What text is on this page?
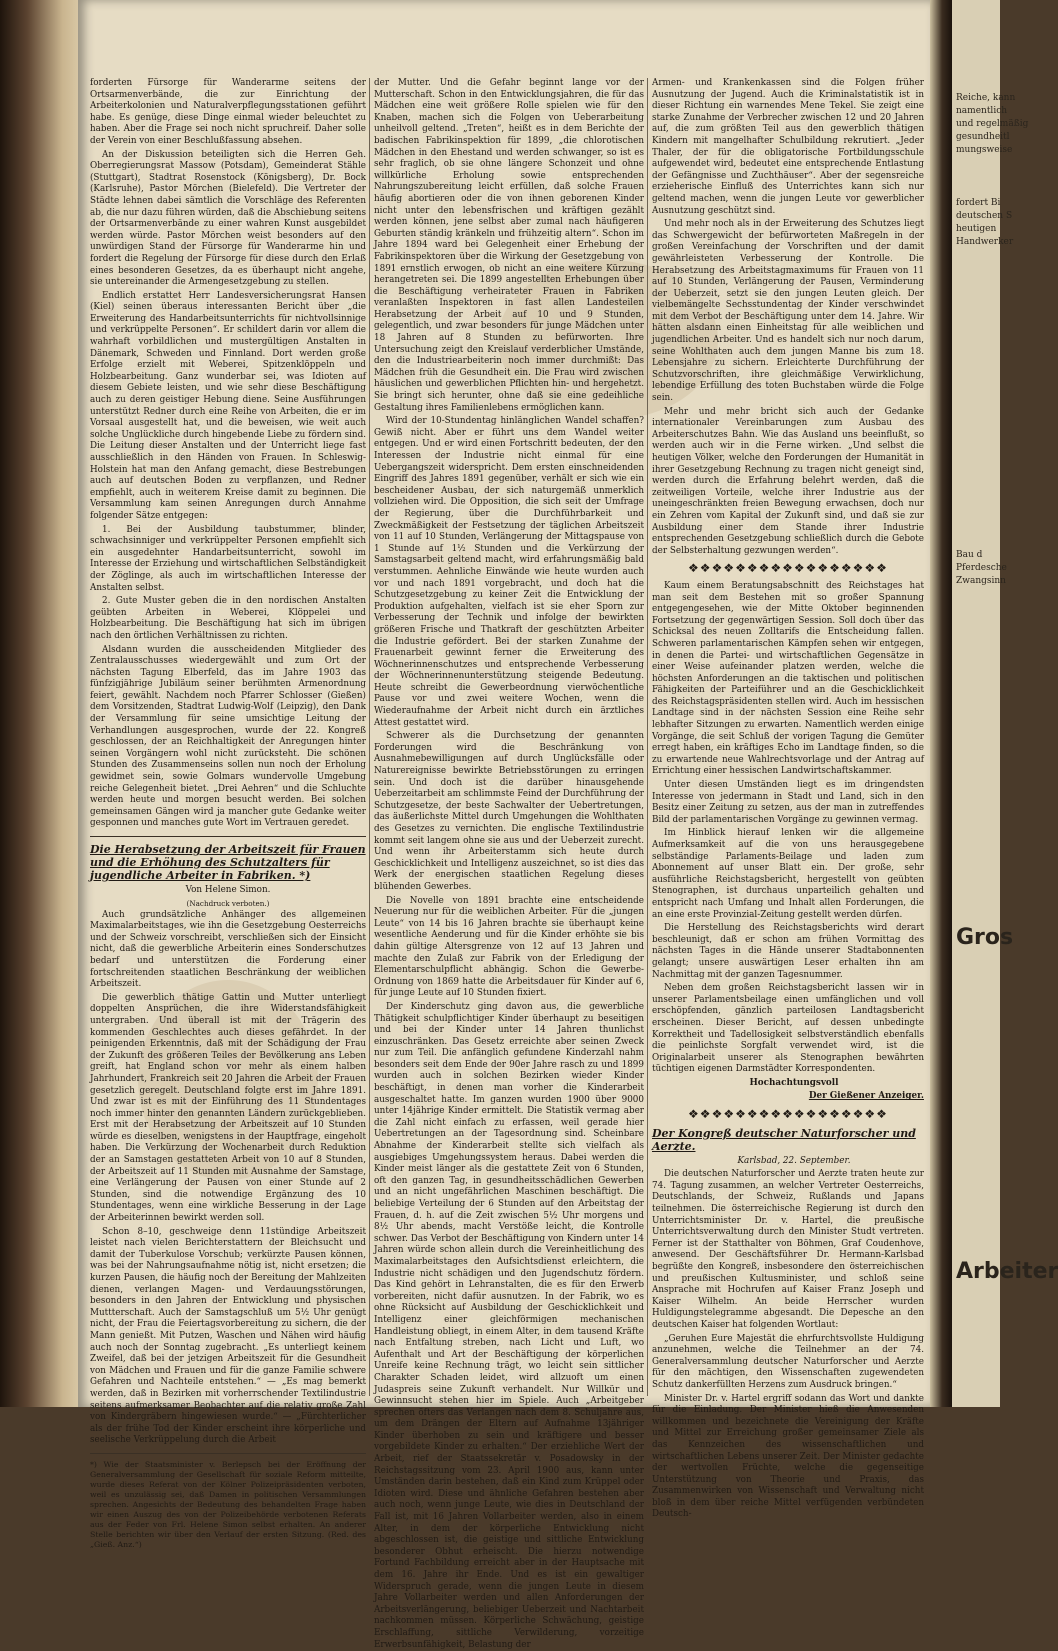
forderten Fürsorge für Wanderarme seitens der Ortsarmenverbände, die zur Einrichtung der Arbeiterkolonien und Naturalverpflegungsstationen geführt habe. Es genüge, diese Dinge einmal wieder beleuchtet zu haben. Aber die Frage sei noch nicht spruchreif. Daher solle der Verein von einer Beschlußfassung absehen.

An der Diskussion beteiligten sich die Herren Geh. Oberregierungsrat Massow (Potsdam), Gemeinderat Stähle (Stuttgart), Stadtrat Rosenstock (Königsberg), Dr. Bock (Karlsruhe), Pastor Mörchen (Bielefeld). Die Vertreter der Städte lehnen dabei sämtlich die Vorschläge des Referenten ab, die nur dazu führen würden, daß die Abschiebung seitens der Ortsarmenverbände zu einer wahren Kunst ausgebildet werden würde. Pastor Mörchen weist besonders auf den unwürdigen Stand der Fürsorge für Wanderarme hin und fordert die Regelung der Fürsorge für diese durch den Erlaß eines besonderen Gesetzes, da es überhaupt nicht angehe, sie untereinander die Armengesetzgebung zu stellen.

Endlich erstattet Herr Landesversicherungsrat Hansen (Kiel) seinen überaus interessanten Bericht über „die Erweiterung des Handarbeitsunterrichts für nichtvollsinnige und verkrüppelte Personen“. Er schildert darin vor allem die wahrhaft vorbildlichen und mustergültigen Anstalten in Dänemark, Schweden und Finnland. Dort werden große Erfolge erzielt mit Weberei, Spitzenklöppeln und Holzbearbeitung. Ganz wunderbar sei, was Idioten auf diesem Gebiete leisten, und wie sehr diese Beschäftigung auch zu deren geistiger Hebung diene. Seine Ausführungen unterstützt Redner durch eine Reihe von Arbeiten, die er im Vorsaal ausgestellt hat, und die beweisen, wie weit auch solche Unglückliche durch hingebende Liebe zu fördern sind. Die Leitung dieser Anstalten und der Unterricht liege fast ausschließlich in den Händen von Frauen. In Schleswig-Holstein hat man den Anfang gemacht, diese Bestrebungen auch auf deutschen Boden zu verpflanzen, und Redner empfiehlt, auch in weiterem Kreise damit zu beginnen. Die Versammlung kam seinen Anregungen durch Annahme folgender Sätze entgegen:

1. Bei der Ausbildung taubstummer, blinder, schwachsinniger und verkrüppelter Personen empfiehlt sich ein ausgedehnter Handarbeitsunterricht, sowohl im Interesse der Erziehung und wirtschaftlichen Selbständigkeit der Zöglinge, als auch im wirtschaftlichen Interesse der Anstalten selbst.

2. Gute Muster geben die in den nordischen Anstalten geübten Arbeiten in Weberei, Klöppelei und Holzbearbeitung. Die Beschäftigung hat sich im übrigen nach den örtlichen Verhältnissen zu richten.

Alsdann wurden die ausscheidenden Mitglieder des Zentralausschusses wiedergewählt und zum Ort der nächsten Tagung Elberfeld, das im Jahre 1903 das fünfzigjährige Jubiläum seiner berühmten Armenordnung feiert, gewählt. Nachdem noch Pfarrer Schlosser (Gießen) dem Vorsitzenden, Stadtrat Ludwig-Wolf (Leipzig), den Dank der Versammlung für seine umsichtige Leitung der Verhandlungen ausgesprochen, wurde der 22. Kongreß geschlossen, der an Reichhaltigkeit der Anregungen hinter seinen Vorgängern wohl nicht zurücksteht. Die schönen Stunden des Zusammenseins sollen nun noch der Erholung gewidmet sein, sowie Golmars wundervolle Umgebung reiche Gelegenheit bietet. „Drei Aehren“ und die Schluchte werden heute und morgen besucht werden. Bei solchen gemeinsamen Gängen wird ja mancher gute Gedanke weiter gesponnen und manches gute Wort im Vertrauen geredet.

Die Herabsetzung der Arbeitszeit für Frauen und die Erhöhung des Schutzalters für jugendliche Arbeiter in Fabriken. *)

Von Helene Simon.

(Nachdruck verboten.)

Auch grundsätzliche Anhänger des allgemeinen Maximalarbeitstages, wie ihn die Gesetzgebung Oesterreichs und der Schweiz vorschreibt, verschließen sich der Einsicht nicht, daß die gewerbliche Arbeiterin eines Sonderschutzes bedarf und unterstützen die Forderung einer fortschreitenden staatlichen Beschränkung der weiblichen Arbeitszeit.

Die gewerblich thätige Gattin und Mutter unterliegt doppelten Ansprüchen, die ihre Widerstandsfähigkeit untergraben. Und überall ist mit der Trägerin des kommenden Geschlechtes auch dieses gefährdet. In der peinigenden Erkenntnis, daß mit der Schädigung der Frau der Zukunft des größeren Teiles der Bevölkerung ans Leben greift, hat England schon vor mehr als einem halben Jahrhundert, Frankreich seit 20 Jahren die Arbeit der Frauen gesetzlich geregelt. Deutschland folgte erst im Jahre 1891. Und zwar ist es mit der Einführung des 11 Stundentages noch immer hinter den genannten Ländern zurückgeblieben. Erst mit der Herabsetzung der Arbeitszeit auf 10 Stunden würde es dieselben, wenigstens in der Hauptfrage, eingeholt haben. Die Verkürzung der Wochenarbeit durch Reduktion der an Samstagen gestatteten Arbeit von 10 auf 8 Stunden, der Arbeitszeit auf 11 Stunden mit Ausnahme der Samstage, eine Verlängerung der Pausen von einer Stunde auf 2 Stunden, sind die notwendige Ergänzung des 10 Stundentages, wenn eine wirkliche Besserung in der Lage der Arbeiterinnen bewirkt werden soll.

Schon 8–10, geschweige denn 11stündige Arbeitszeit leistet nach vielen Berichterstattern der Bleichsucht und damit der Tuberkulose Vorschub; verkürzte Pausen können, was bei der Nahrungsaufnahme nötig ist, nicht ersetzen; die kurzen Pausen, die häufig noch der Bereitung der Mahlzeiten dienen, verlangen Magen- und Verdauungsstörungen, besonders in den Jahren der Entwicklung und physischen Muttterschaft. Auch der Samstagschluß um 5½ Uhr genügt nicht, der Frau die Feiertagsvorbereitung zu sichern, die der Mann genießt. Mit Putzen, Waschen und Nähen wird häufig auch noch der Sonntag zugebracht. „Es unterliegt keinem Zweifel, daß bei der jetzigen Arbeitszeit für die Gesundheit von Mädchen und Frauen und für die ganze Familie schwere Gefahren und Nachteile entstehen.“ — „Es mag bemerkt werden, daß in Bezirken mit vorherrschender Textilindustrie seitens aufmerksamer Beobachter auf die relativ große Zahl von Kindergräbern hingewiesen wurde.“ — „Fürchterlicher als der frühe Tod der Kinder erscheint ihre körperliche und seelische Verkrüppelung durch die Arbeit

*) Wie der Staatsminister v. Berlepsch bei der Eröffnung der Generalversammlung der Gesellschaft für soziale Reform mitteilte, wurde dieses Referat von der Kölner Polizeipräsidenten verboten, weil es unzulässig sei, daß Damen in politischen Versammlungen sprechen. Angesichts der Bedeutung des behandelten Frage haben wir einen Auszug des von der Polizeibehörde verbotenen Referats aus der Feder von Frl. Helene Simon selbst erhalten. An anderer Stelle berichten wir über den Verlauf der ersten Sitzung. (Red. des „Gieß. Anz.“)

der Mutter. Und die Gefahr beginnt lange vor der Mutterschaft. Schon in den Entwicklungsjahren, die für das Mädchen eine weit größere Rolle spielen wie für den Knaben, machen sich die Folgen von Ueberarbeitung unheilvoll geltend. „Treten“, heißt es in dem Berichte der badischen Fabrikinspektion für 1899, „die chlorotischen Mädchen in den Ehestand und werden schwanger, so ist es sehr fraglich, ob sie ohne längere Schonzeit und ohne willkürliche Erholung sowie entsprechenden Nahrungszubereitung leicht erfüllen, daß solche Frauen häufig abortieren oder die von ihnen geborenen Kinder nicht unter den lebensfrischen und kräftigen gezählt werden können, jene selbst aber zumal nach häufigeren Geburten ständig kränkeln und frühzeitig altern“. Schon im Jahre 1894 ward bei Gelegenheit einer Erhebung der Fabrikinspektoren über die Wirkung der Gesetzgebung von 1891 ernstlich erwogen, ob nicht an eine weitere Kürzung herangetreten sei. Die 1899 angestellten Erhebungen über die Beschäftigung verheirateter Frauen in Fabriken veranlaßten Inspektoren in fast allen Landesteilen Herabsetzung der Arbeit auf 10 und 9 Stunden, gelegentlich, und zwar besonders für junge Mädchen unter 18 Jahren auf 8 Stunden zu befürworten. Ihre Untersuchung zeigt den Kreislauf verderblicher Umstände, den die Industriearbeiterin noch immer durchmißt: Das Mädchen früh die Gesundheit ein. Die Frau wird zwischen häuslichen und gewerblichen Pflichten hin- und hergehetzt. Sie bringt sich herunter, ohne daß sie eine gedeihliche Gestaltung ihres Familienlebens ermöglichen kann.

Wird der 10-Stundentag hinlänglichen Wandel schaffen? Gewiß nicht. Aber er führt uns dem Wandel weiter entgegen. Und er wird einen Fortschritt bedeuten, der den Interessen der Industrie nicht einmal für eine Uebergangszeit widerspricht. Dem ersten einschneidenden Eingriff des Jahres 1891 gegenüber, verhält er sich wie ein bescheidener Ausbau, der sich naturgemäß unmerklich vollziehen wird. Die Opposition, die sich seit der Umfrage der Regierung, über die Durchführbarkeit und Zweckmäßigkeit der Festsetzung der täglichen Arbeitszeit von 11 auf 10 Stunden, Verlängerung der Mittagspause von 1 Stunde auf 1½ Stunden und die Verkürzung der Samstagsarbeit geltend macht, wird erfahrungsmäßig bald verstummen. Aehnliche Einwände wie heute wurden auch vor und nach 1891 vorgebracht, und doch hat die Schutzgesetzgebung zu keiner Zeit die Entwicklung der Produktion aufgehalten, vielfach ist sie eher Sporn zur Verbesserung der Technik und infolge der bewirkten größeren Frische und Thatkraft der geschützten Arbeiter die Industrie gefördert. Bei der starken Zunahme der Frauenarbeit gewinnt ferner die Erweiterung des Wöchnerinnenschutzes und entsprechende Verbesserung der Wöchnerinnenunterstützung steigende Bedeutung. Heute schreibt die Gewerbeordnung vierwöchentliche Pause vor und zwei weitere Wochen, wenn die Wiederaufnahme der Arbeit nicht durch ein ärztliches Attest gestattet wird.

Schwerer als die Durchsetzung der genannten Forderungen wird die Beschränkung von Ausnahmebewilligungen auf durch Unglücksfälle oder Naturereignisse bewirkte Betriebsstörungen zu erringen sein. Und doch ist die darüber hinausgehende Ueberzeitarbeit am schlimmste Feind der Durchführung der Schutzgesetze, der beste Sachwalter der Uebertretungen, das äußerlichste Mittel durch Umgehungen die Wohlthaten des Gesetzes zu vernichten. Die englische Textilindustrie kommt seit langem ohne sie aus und der Ueberzeit zurecht. Und wenn ihr Arbeiterstamm sich heute durch Geschicklichkeit und Intelligenz auszeichnet, so ist dies das Werk der energischen staatlichen Regelung dieses blühenden Gewerbes.

Die Novelle von 1891 brachte eine entscheidende Neuerung nur für die weiblichen Arbeiter. Für die „jungen Leute“ von 14 bis 16 Jahren brachte sie überhaupt keine wesentliche Aenderung und für die Kinder erhöhte sie bis dahin gültige Altersgrenze von 12 auf 13 Jahren und machte den Zulaß zur Fabrik von der Erledigung der Elementarschulpflicht abhängig. Schon die Gewerbe-Ordnung von 1869 hatte die Arbeitsdauer für Kinder auf 6, für junge Leute auf 10 Stunden fixiert.

Der Kinderschutz ging davon aus, die gewerbliche Thätigkeit schulpflichtiger Kinder überhaupt zu beseitigen und bei der Kinder unter 14 Jahren thunlichst einzuschränken. Das Gesetz erreichte aber seinen Zweck nur zum Teil. Die anfänglich gefundene Kinderzahl nahm besonders seit dem Ende der 90er Jahre rasch zu und 1899 wurden auch in solchen Bezirken wieder Kinder beschäftigt, in denen man vorher die Kinderarbeit ausgeschaltet hatte. Im ganzen wurden 1900 über 9000 unter 14jährige Kinder ermittelt. Die Statistik vermag aber die Zahl nicht einfach zu erfassen, weil gerade hier Uebertretungen an der Tagesordnung sind. Scheinbare Abnahme der Kinderarbeit stellte sich vielfach als ausgiebiges Umgehungssystem heraus. Dabei werden die Kinder meist länger als die gestattete Zeit von 6 Stunden, oft den ganzen Tag, in gesundheitsschädlichen Gewerben und an nicht ungefährlichen Maschinen beschäftigt. Die beliebige Verteilung der 6 Stunden auf den Arbeitstag der Frauen, d. h. auf die Zeit zwischen 5½ Uhr morgens und 8½ Uhr abends, macht Verstöße leicht, die Kontrolle schwer. Das Verbot der Beschäftigung von Kindern unter 14 Jahren würde schon allein durch die Vereinheitlichung des Maximalarbeitstages den Aufsichtsdienst erleichtern, die Industrie nicht schädigen und den Jugendschutz fördern. Das Kind gehört in Lehranstalten, die es für den Erwerb vorbereiten, nicht dafür ausnutzen. In der Fabrik, wo es ohne Rücksicht auf Ausbildung der Geschicklichkeit und Intelligenz einer gleichförmigen mechanischen Handleistung obliegt, in einem Alter, in dem tausend Kräfte nach Entfaltung streben, nach Licht und Luft, wo Aufenthalt und Art der Beschäftigung der körperlichen Unreife keine Rechnung trägt, wo leicht sein sittlicher Charakter Schaden leidet, wird allzuoft um einen Judaspreis seine Zukunft verhandelt. Nur Willkür und Gewinnsucht stehen hier im Spiele. Auch „Arbeitgeber sprechen öfters das Verlangen nach dem 8. Schuljahre aus, um dem Drängen der Eltern auf Aufnahme 13jähriger Kinder überhoben zu sein und kräftigere und besser vorgebildete Kinder zu erhalten.“ Der erziehliche Wert der Arbeit, rief der Staatssekretär v. Posadowsky in der Reichstagssitzung vom 23. April 1900 aus, kann unter Umständen darin bestehen, daß ein Kind zum Krüppel oder Idioten wird. Diese und ähnliche Gefahren bestehen aber auch noch, wenn junge Leute, wie dies in Deutschland der Fall ist, mit 16 Jahren Vollarbeiter werden, also in einem Alter, in dem der körperliche Entwicklung nicht abgeschlossen ist, die geistige und sittliche Entwicklung besonderer Obhut erheischt. Die hierzu notwendige Fortund Fachbildung erreicht aber in der Hauptsache mit dem 16. Jahre ihr Ende. Und es ist ein gewaltiger Widerspruch gerade, wenn die jungen Leute in diesem Jahre Vollarbeiter werden und allen Anforderungen der Arbeitsverlängerung, beliebiger Ueberzeit und Nachtarbeit nachkommen müssen. Körperliche Schwächung, geistige Erschlaffung, sittliche Verwilderung, vorzeitige Erwerbsunfähigkeit, Belastung der

Armen- und Krankenkassen sind die Folgen früher Ausnutzung der Jugend. Auch die Kriminalstatistik ist in dieser Richtung ein warnendes Mene Tekel. Sie zeigt eine starke Zunahme der Verbrecher zwischen 12 und 20 Jahren auf, die zum größten Teil aus den gewerblich thätigen Kindern mit mangelhafter Schulbildung rekrutiert. „Jeder Thaler, der für die obligatorische Fortbildungsschule aufgewendet wird, bedeutet eine entsprechende Entlastung der Gefängnisse und Zuchthäuser“. Aber der segensreiche erzieherische Einfluß des Unterrichtes kann sich nur geltend machen, wenn die jungen Leute vor gewerblicher Ausnutzung geschützt sind.

Und mehr noch als in der Erweiterung des Schutzes liegt das Schwergewicht der befürworteten Maßregeln in der großen Vereinfachung der Vorschriften und der damit gewährleisteten Verbesserung der Kontrolle. Die Herabsetzung des Arbeitstagmaximums für Frauen von 11 auf 10 Stunden, Verlängerung der Pausen, Verminderung der Ueberzeit, setzt sie den jungen Leuten gleich. Der vielbemängelte Sechsstundentag der Kinder verschwindet mit dem Verbot der Beschäftigung unter dem 14. Jahre. Wir hätten alsdann einen Einheitstag für alle weiblichen und jugendlichen Arbeiter. Und es handelt sich nur noch darum, seine Wohlthaten auch dem jungen Manne bis zum 18. Lebensjahre zu sichern. Erleichterte Durchführung der Schutzvorschriften, ihre gleichmäßige Verwirklichung, lebendige Erfüllung des toten Buchstaben würde die Folge sein.

Mehr und mehr bricht sich auch der Gedanke internationaler Vereinbarungen zum Ausbau des Arbeiterschutzes Bahn. Wie das Ausland uns beeinflußt, so werden auch wir in die Ferne wirken. „Und selbst die heutigen Völker, welche den Forderungen der Humanität in ihrer Gesetzgebung Rechnung zu tragen nicht geneigt sind, werden durch die Erfahrung belehrt werden, daß die zeitweiligen Vorteile, welche ihrer Industrie aus der uneingeschränkten freien Bewegung erwachsen, doch nur ein Zehren vom Kapital der Zukunft sind, und daß sie zur Ausbildung einer dem Stande ihrer Industrie entsprechenden Gesetzgebung schließlich durch die Gebote der Selbsterhaltung gezwungen werden“.

❖❖❖❖❖❖❖❖❖❖❖❖❖❖❖❖❖

Kaum einem Beratungsabschnitt des Reichstages hat man seit dem Bestehen mit so großer Spannung entgegengesehen, wie der Mitte Oktober beginnenden Fortsetzung der gegenwärtigen Session. Soll doch über das Schicksal des neuen Zolltarifs die Entscheidung fallen. Schweren parlamentarischen Kämpfen sehen wir entgegen, in denen die Partei- und wirtschaftlichen Gegensätze in einer Weise aufeinander platzen werden, welche die höchsten Anforderungen an die taktischen und politischen Fähigkeiten der Parteiführer und an die Geschicklichkeit des Reichstagspräsidenten stellen wird. Auch im hessischen Landtage sind in der nächsten Session eine Reihe sehr lebhafter Sitzungen zu erwarten. Namentlich werden einige Vorgänge, die seit Schluß der vorigen Tagung die Gemüter erregt haben, ein kräftiges Echo im Landtage finden, so die zu erwartende neue Wahlrechtsvorlage und der Antrag auf Errichtung einer hessischen Landwirtschaftskammer.

Unter diesen Umständen liegt es im dringendsten Interesse von jedermann in Stadt und Land, sich in den Besitz einer Zeitung zu setzen, aus der man in zutreffendes Bild der parlamentarischen Vorgänge zu gewinnen vermag.

Im Hinblick hierauf lenken wir die allgemeine Aufmerksamkeit auf die von uns herausgegebene selbständige Parlaments-Beilage und laden zum Abonnement auf unser Blatt ein. Der große, sehr ausführliche Reichstagsbericht, hergestellt von geübten Stenographen, ist durchaus unparteilich gehalten und entspricht nach Umfang und Inhalt allen Forderungen, die an eine erste Provinzial-Zeitung gestellt werden dürfen.

Die Herstellung des Reichstagsberichts wird derart beschleunigt, daß er schon am frühen Vormittag des nächsten Tages in die Hände unserer Stadtabonnenten gelangt; unsere auswärtigen Leser erhalten ihn am Nachmittag mit der ganzen Tagesnummer.

Neben dem großen Reichstagsbericht lassen wir in unserer Parlamentsbeilage einen umfänglichen und voll erschöpfenden, gänzlich parteilosen Landtagsbericht erscheinen. Dieser Bericht, auf dessen unbedingte Korrektheit und Tadellosigkeit selbstverständlich ebenfalls die peinlichste Sorgfalt verwendet wird, ist die Originalarbeit unserer als Stenographen bewährten tüchtigen eigenen Darmstädter Korrespondenten.

Hochachtungsvoll

Der Gießener Anzeiger.

❖❖❖❖❖❖❖❖❖❖❖❖❖❖❖❖❖
Der Kongreß deutscher Naturforscher und Aerzte.

Karlsbad, 22. September.

Die deutschen Naturforscher und Aerzte traten heute zur 74. Tagung zusammen, an welcher Vertreter Oesterreichs, Deutschlands, der Schweiz, Rußlands und Japans teilnehmen. Die österreichische Regierung ist durch den Unterrichtsminister Dr. v. Hartel, die preußische Unterrichtsverwaltung durch den Minister Studt vertreten. Ferner ist der Statthalter von Böhmen, Graf Coudenhove, anwesend. Der Geschäftsführer Dr. Hermann-Karlsbad begrüßte den Kongreß, insbesondere den österreichischen und preußischen Kultusminister, und schloß seine Ansprache mit Hochrufen auf Kaiser Franz Joseph und Kaiser Wilhelm. An beide Herrscher wurden Huldigungstelegramme abgesandt. Die Depesche an den deutschen Kaiser hat folgenden Wortlaut:

„Geruhen Eure Majestät die ehrfurchtsvollste Huldigung anzunehmen, welche die Teilnehmer an der 74. Generalversammlung deutscher Naturforscher und Aerzte für den mächtigen, den Wissenschaften zugewendeten Schutz dankerfüllten Herzens zum Ausdruck bringen.“

Minister Dr. v. Hartel ergriff sodann das Wort und dankte für die Einladung. Der Minister hieß die Anwesenden willkommen und bezeichnete die Vereinigung der Kräfte und Mittel zur Erreichung großer gemeinsamer Ziele als das Kennzeichen des wissenschaftlichen und wirtschaftlichen Lebens unserer Zeit. Der Minister gedachte der wertvollen Früchte, welche die gegenseitige Unterstützung von Theorie und Praxis, das Zusammenwirken von Wissenschaft und Verwaltung nicht bloß in dem über reiche Mittel verfügenden verbündeten Deutsch-

Reiche, kann

namentlich

und regelmäßig

gesundheitl

mungsweise

fordert Bi

deutschen S

heutigen

Handwerker

Bau d

Pferdesche

Zwangsinn

Gros

Arbeiter
